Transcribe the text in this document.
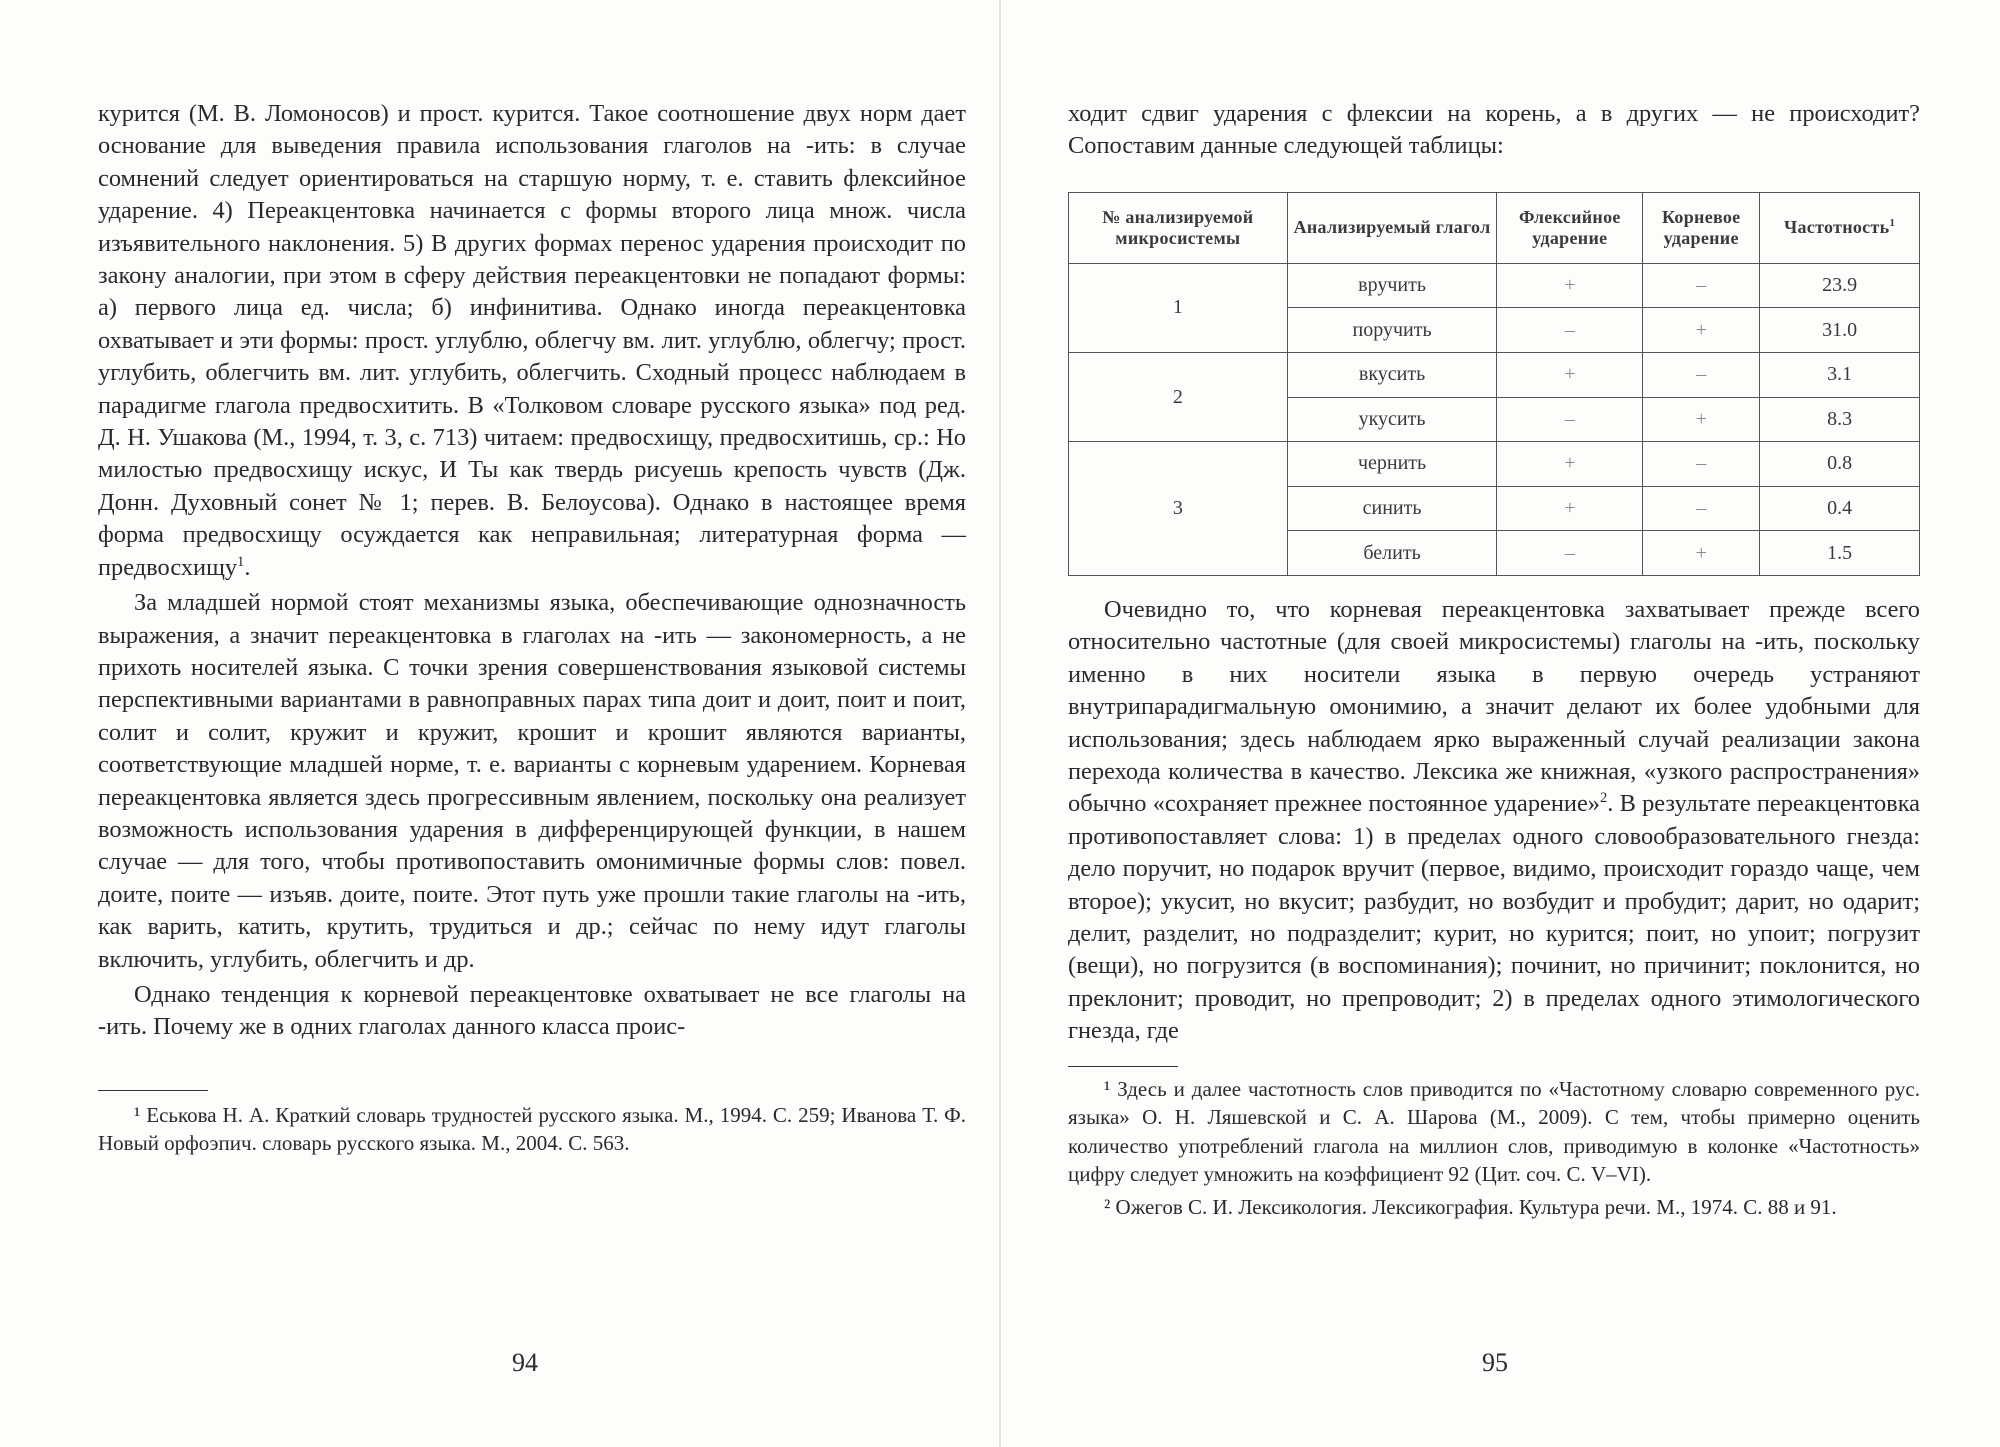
курится (М. В. Ломоносов) и прост. курится. Такое соотношение двух норм дает основание для выведения правила использования глаголов на -ить: в случае сомнений следует ориентироваться на старшую норму, т. е. ставить флексийное ударение. 4) Переакцентовка начинается с формы второго лица множ. числа изъявительного наклонения. 5) В других формах перенос ударения происходит по закону аналогии, при этом в сферу действия переакцентовки не попадают формы: а) первого лица ед. числа; б) инфинитива. Однако иногда переакцентовка охватывает и эти формы: прост. углублю, облегчу вм. лит. углублю, облегчу; прост. углубить, облегчить вм. лит. углубить, облегчить. Сходный процесс наблюдаем в парадигме глагола предвосхитить. В «Толковом словаре русского языка» под ред. Д. Н. Ушакова (М., 1994, т. 3, с. 713) читаем: предвосхищу, предвосхитишь, ср.: Но милостью предвосхищу искус, И Ты как твердь рисуешь крепость чувств (Дж. Донн. Духовный сонет № 1; перев. В. Белоусова). Однако в настоящее время форма предвосхищу осуждается как неправильная; литературная форма — предвосхищу$^1$.

За младшей нормой стоят механизмы языка, обеспечивающие однозначность выражения, а значит переакцентовка в глаголах на -ить — закономерность, а не прихоть носителей языка. С точки зрения совершенствования языковой системы перспективными вариантами в равноправных парах типа доит и доит, поит и поит, солит и солит, кружит и кружит, крошит и крошит являются варианты, соответствующие младшей норме, т. е. варианты с корневым ударением. Корневая переакцентовка является здесь прогрессивным явлением, поскольку она реализует возможность использования ударения в дифференцирующей функции, в нашем случае — для того, чтобы противопоставить омонимичные формы слов: повел. доите, поите — изъяв. доите, поите. Этот путь уже прошли такие глаголы на -ить, как варить, катить, крутить, трудиться и др.; сейчас по нему идут глаголы включить, углубить, облегчить и др.

Однако тенденция к корневой переакцентовке охватывает не все глаголы на -ить. Почему же в одних глаголах данного класса проис-

¹ Еськова Н. А. Краткий словарь трудностей русского языка. М., 1994. С. 259; Иванова Т. Ф. Новый орфоэпич. словарь русского языка. М., 2004. С. 563.

94

ходит сдвиг ударения с флексии на корень, а в других — не происходит? Сопоставим данные следующей таблицы:

№ анализируемой микросистемы	Анализируемый глагол	Флексийное ударение	Корневое ударение	Частотность$^1$
1	вручить	+	–	23.9
	поручить	–	+	31.0
2	вкусить	+	–	3.1
	укусить	–	+	8.3
3	чернить	+	–	0.8
	синить	+	–	0.4
	белить	–	+	1.5

Очевидно то, что корневая переакцентовка захватывает прежде всего относительно частотные (для своей микросистемы) глаголы на -ить, поскольку именно в них носители языка в первую очередь устраняют внутрипарадигмальную омонимию, а значит делают их более удобными для использования; здесь наблюдаем ярко выраженный случай реализации закона перехода количества в качество. Лексика же книжная, «узкого распространения» обычно «сохраняет прежнее постоянное ударение»$^2$. В результате переакцентовка противопоставляет слова: 1) в пределах одного словообразовательного гнезда: дело поручит, но подарок вручит (первое, видимо, происходит гораздо чаще, чем второе); укусит, но вкусит; разбудит, но возбудит и пробудит; дарит, но одарит; делит, разделит, но подразделит; курит, но курится; поит, но упоит; погрузит (вещи), но погрузится (в воспоминания); починит, но причинит; поклонится, но преклонит; проводит, но препроводит; 2) в пределах одного этимологического гнезда, где

¹ Здесь и далее частотность слов приводится по «Частотному словарю современного рус. языка» О. Н. Ляшевской и С. А. Шарова (М., 2009). С тем, чтобы примерно оценить количество употреблений глагола на миллион слов, приводимую в колонке «Частотность» цифру следует умножить на коэффициент 92 (Цит. соч. С. V–VI).

² Ожегов С. И. Лексикология. Лексикография. Культура речи. М., 1974. С. 88 и 91.

95
